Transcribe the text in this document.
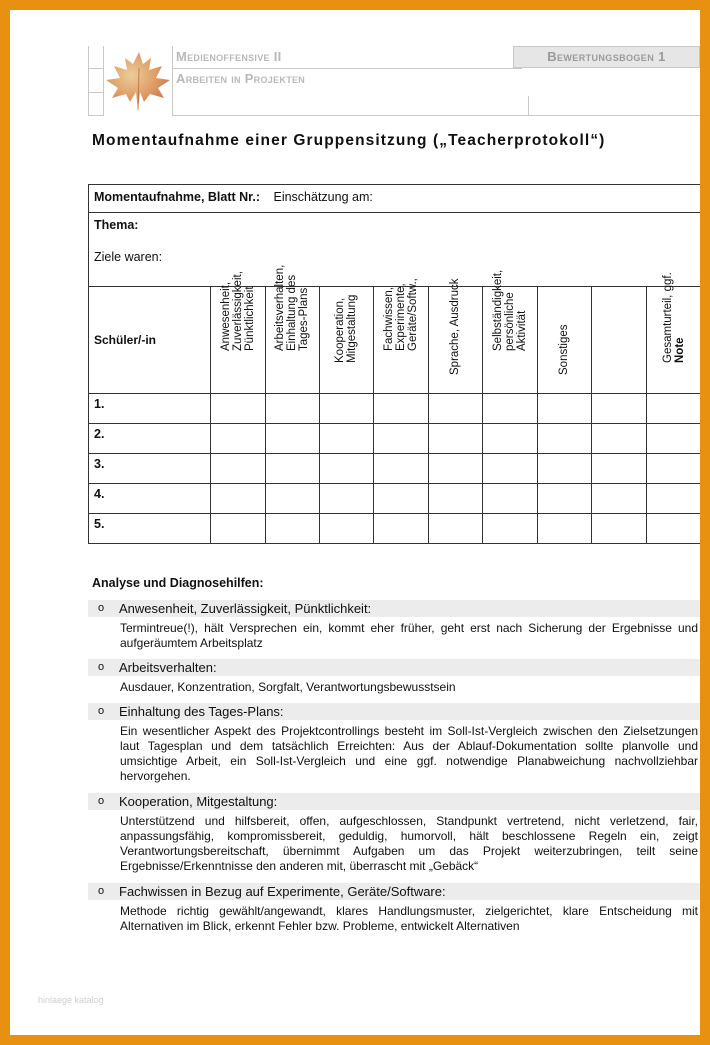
Medienoffensive II
Arbeiten in Projekten
Bewertungsbogen 1
Momentaufnahme einer Gruppensitzung („Teacherprotokoll“)
Momentaufnahme, Blatt Nr.: Einschätzung am:
Thema:
Ziele waren:
Schüler/-in	Anwesenheit, Zuverlässigkeit, Pünktlichkeit	Arbeitsverhalten, Einhaltung des Tages-Plans	Kooperation, Mitgestaltung	Fachwissen, Experimente, Geräte/Softw.,	Sprache, Ausdruck	Selbständigkeit, persönliche Aktivität	Sonstiges		Gesamturteil, ggf. Note

1.									
2.									
3.									
4.									
5.									
Analyse und Diagnosehilfen:
o Anwesenheit, Zuverlässigkeit, Pünktlichkeit:
Termintreue(!), hält Versprechen ein, kommt eher früher, geht erst nach Sicherung der Ergebnisse und aufgeräumtem Arbeitsplatz
o Arbeitsverhalten:
Ausdauer, Konzentration, Sorgfalt, Verantwortungsbewusstsein
o Einhaltung des Tages-Plans:
Ein wesentlicher Aspekt des Projektcontrollings besteht im Soll-Ist-Vergleich zwischen den Zielsetzungen laut Tagesplan und dem tatsächlich Erreichten: Aus der Ablauf-Dokumentation sollte planvolle und umsichtige Arbeit, ein Soll-Ist-Vergleich und eine ggf. notwendige Planabweichung nachvollziehbar hervorgehen.
o Kooperation, Mitgestaltung:
Unterstützend und hilfsbereit, offen, aufgeschlossen, Standpunkt vertretend, nicht verletzend, fair, anpassungsfähig, kompromissbereit, geduldig, humorvoll, hält beschlossene Regeln ein, zeigt Verantwortungsbereitschaft, übernimmt Aufgaben um das Projekt weiterzubringen, teilt seine Ergebnisse/Erkenntnisse den anderen mit, überrascht mit „Gebäck“
o Fachwissen in Bezug auf Experimente, Geräte/Software:
Methode richtig gewählt/angewandt, klares Handlungsmuster, zielgerichtet, klare Entscheidung mit Alternativen im Blick, erkennt Fehler bzw. Probleme, entwickelt Alternativen
hinlaege katalog
